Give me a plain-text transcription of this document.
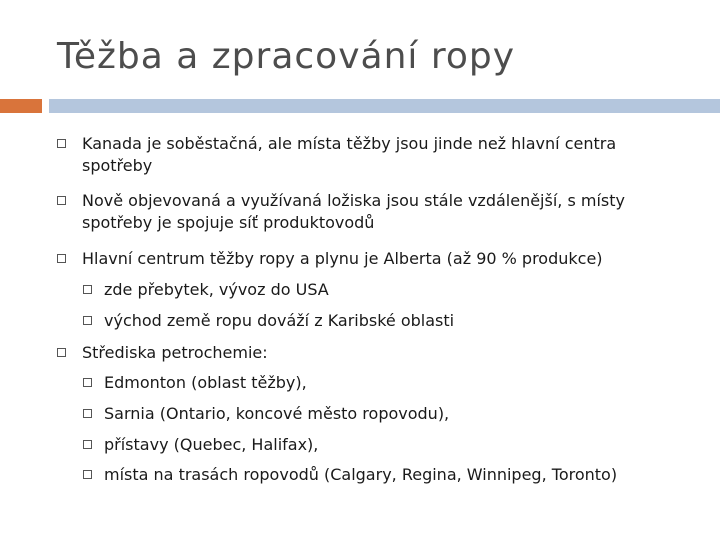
Těžba a zpracování ropy
Kanada je soběstačná, ale místa těžby jsou jinde než hlavní centra
spotřeby
Nově objevovaná a využívaná ložiska jsou stále vzdálenější, s místy
spotřeby je spojuje síť produktovodů
Hlavní centrum těžby ropy a plynu je Alberta (až 90 % produkce)
zde přebytek, vývoz do USA
východ země ropu dováží z Karibské oblasti
Střediska petrochemie:
Edmonton (oblast těžby),
Sarnia (Ontario, koncové město ropovodu),
přístavy (Quebec, Halifax),
místa na trasách ropovodů (Calgary, Regina, Winnipeg, Toronto)
